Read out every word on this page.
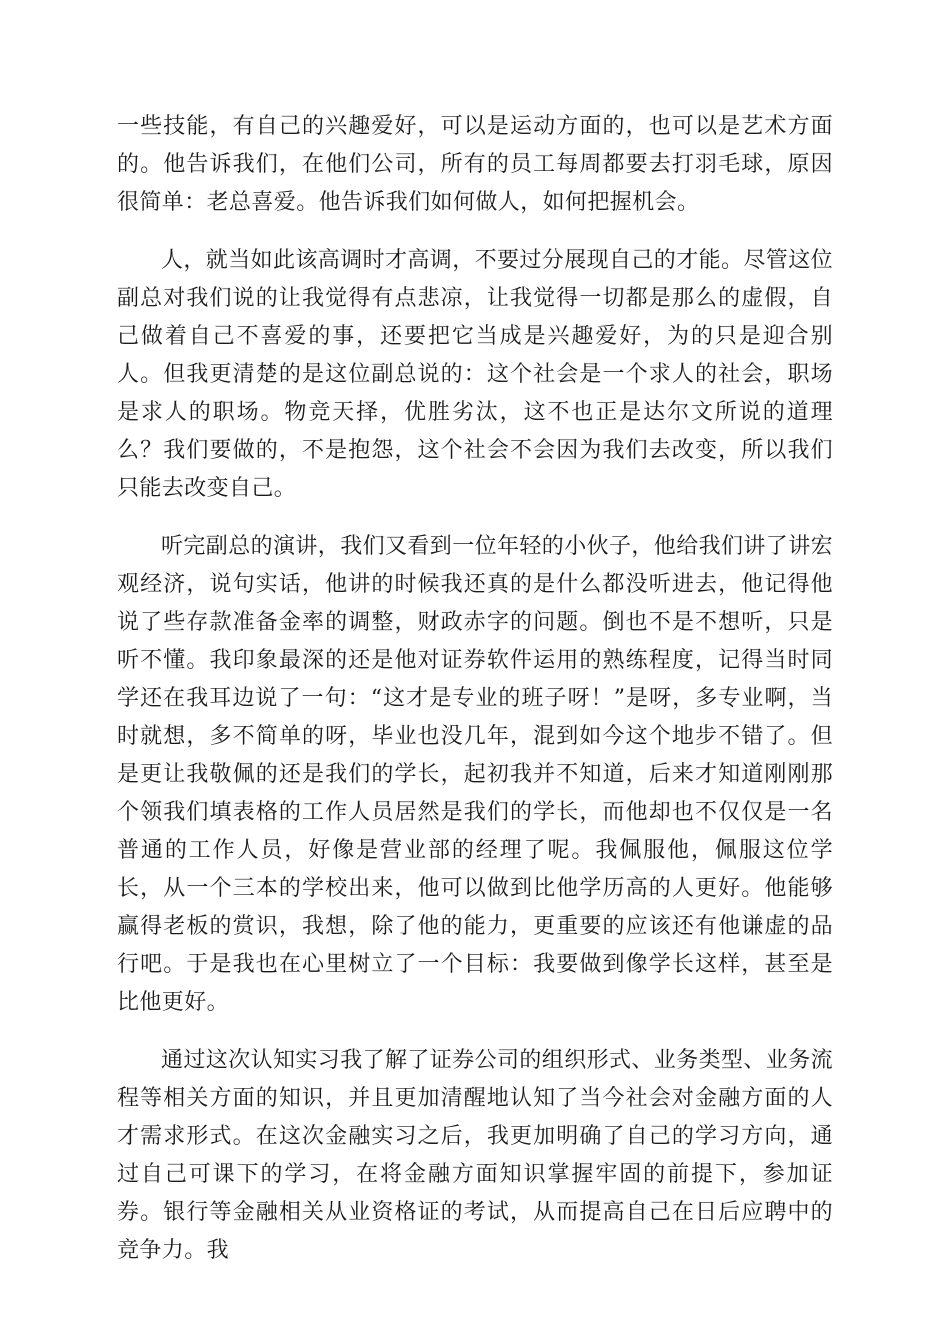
一些技能，有自己的兴趣爱好，可以是运动方面的，也可以是艺术方面的。他告诉我们，在他们公司，所有的员工每周都要去打羽毛球，原因很简单：老总喜爱。他告诉我们如何做人，如何把握机会。

人，就当如此该高调时才高调，不要过分展现自己的才能。尽管这位副总对我们说的让我觉得有点悲凉，让我觉得一切都是那么的虚假，自己做着自己不喜爱的事，还要把它当成是兴趣爱好，为的只是迎合别人。但我更清楚的是这位副总说的：这个社会是一个求人的社会，职场是求人的职场。物竞天择，优胜劣汰，这不也正是达尔文所说的道理么？我们要做的，不是抱怨，这个社会不会因为我们去改变，所以我们只能去改变自己。

听完副总的演讲，我们又看到一位年轻的小伙子，他给我们讲了讲宏观经济，说句实话，他讲的时候我还真的是什么都没听进去，他记得他说了些存款准备金率的调整，财政赤字的问题。倒也不是不想听，只是听不懂。我印象最深的还是他对证券软件运用的熟练程度，记得当时同学还在我耳边说了一句：“这才是专业的班子呀！”是呀，多专业啊，当时就想，多不简单的呀，毕业也没几年，混到如今这个地步不错了。但是更让我敬佩的还是我们的学长，起初我并不知道，后来才知道刚刚那个领我们填表格的工作人员居然是我们的学长，而他却也不仅仅是一名普通的工作人员，好像是营业部的经理了呢。我佩服他，佩服这位学长，从一个三本的学校出来，他可以做到比他学历高的人更好。他能够赢得老板的赏识，我想，除了他的能力，更重要的应该还有他谦虚的品行吧。于是我也在心里树立了一个目标：我要做到像学长这样，甚至是比他更好。

通过这次认知实习我了解了证券公司的组织形式、业务类型、业务流程等相关方面的知识，并且更加清醒地认知了当今社会对金融方面的人才需求形式。在这次金融实习之后，我更加明确了自己的学习方向，通过自己可课下的学习，在将金融方面知识掌握牢固的前提下，参加证券。银行等金融相关从业资格证的考试，从而提高自己在日后应聘中的竞争力。我
